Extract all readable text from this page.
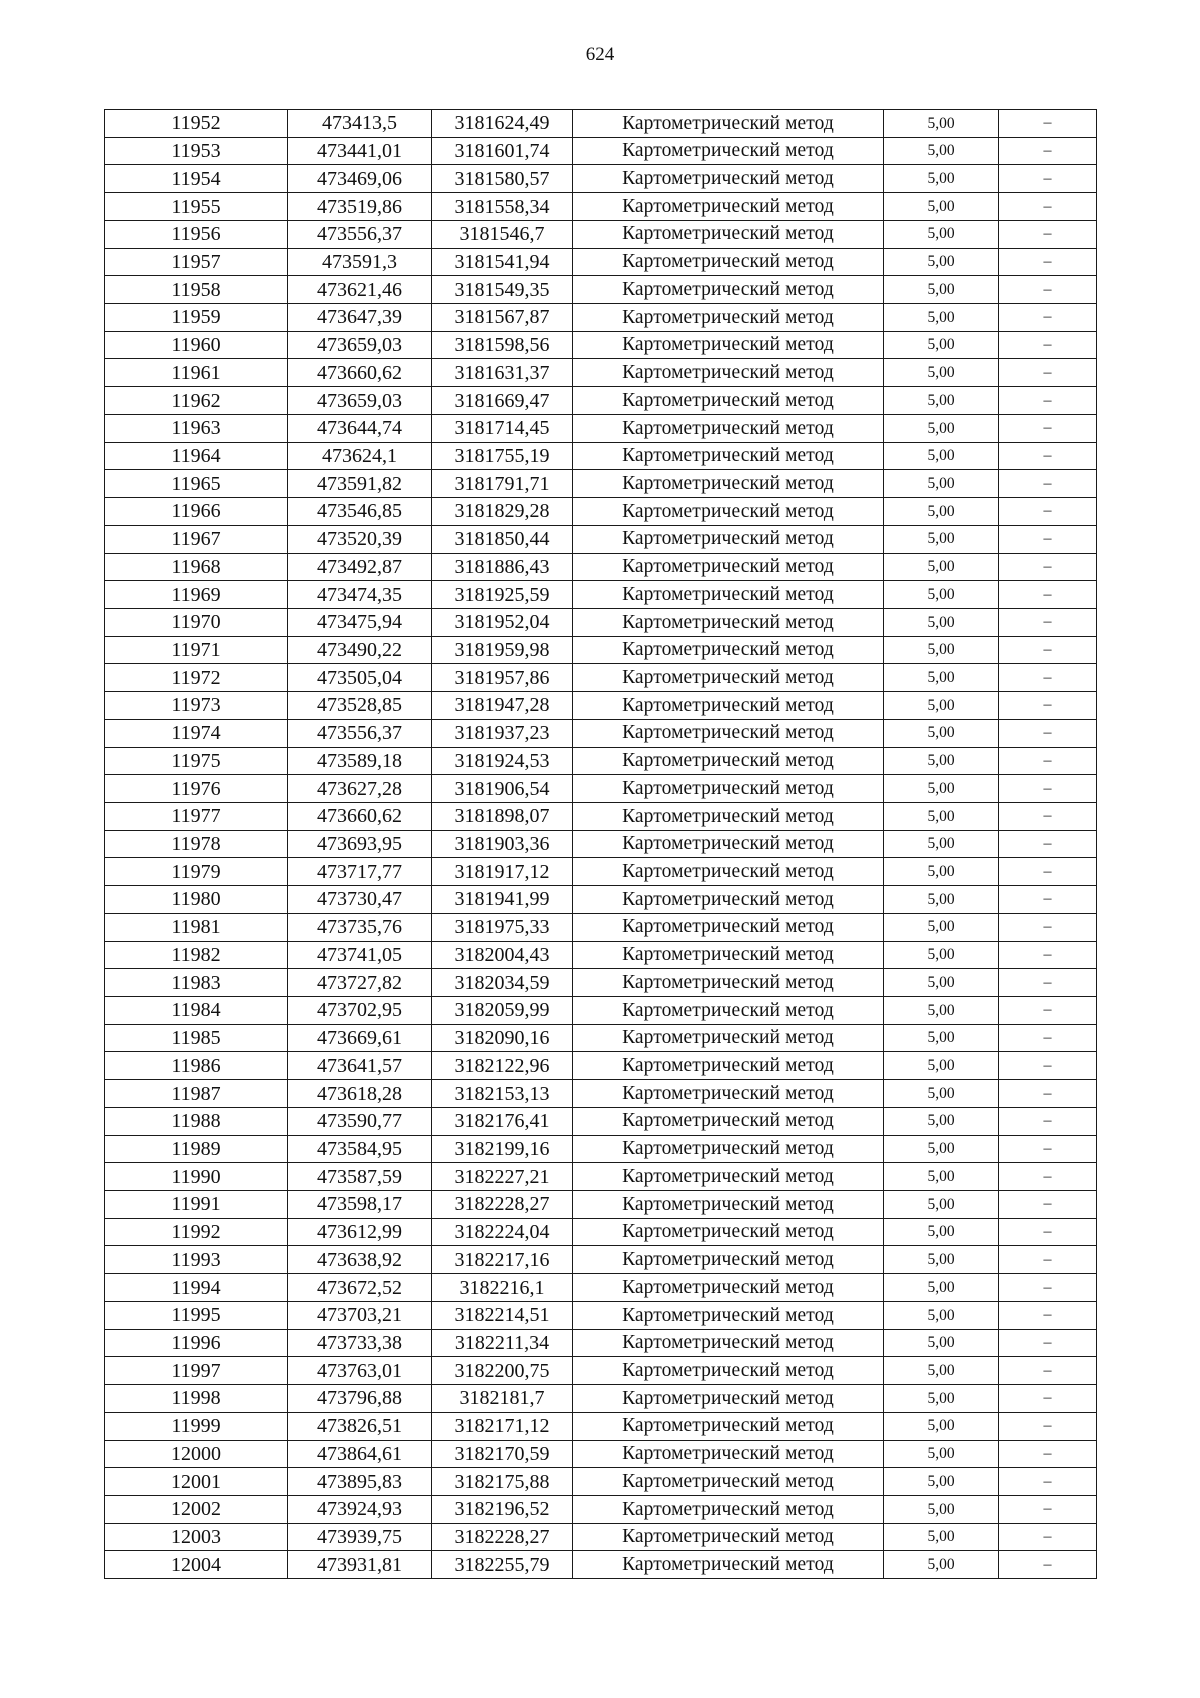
624
11952	473413,5	3181624,49	Картометрический метод	5,00	–
11953	473441,01	3181601,74	Картометрический метод	5,00	–
11954	473469,06	3181580,57	Картометрический метод	5,00	–
11955	473519,86	3181558,34	Картометрический метод	5,00	–
11956	473556,37	3181546,7	Картометрический метод	5,00	–
11957	473591,3	3181541,94	Картометрический метод	5,00	–
11958	473621,46	3181549,35	Картометрический метод	5,00	–
11959	473647,39	3181567,87	Картометрический метод	5,00	–
11960	473659,03	3181598,56	Картометрический метод	5,00	–
11961	473660,62	3181631,37	Картометрический метод	5,00	–
11962	473659,03	3181669,47	Картометрический метод	5,00	–
11963	473644,74	3181714,45	Картометрический метод	5,00	–
11964	473624,1	3181755,19	Картометрический метод	5,00	–
11965	473591,82	3181791,71	Картометрический метод	5,00	–
11966	473546,85	3181829,28	Картометрический метод	5,00	–
11967	473520,39	3181850,44	Картометрический метод	5,00	–
11968	473492,87	3181886,43	Картометрический метод	5,00	–
11969	473474,35	3181925,59	Картометрический метод	5,00	–
11970	473475,94	3181952,04	Картометрический метод	5,00	–
11971	473490,22	3181959,98	Картометрический метод	5,00	–
11972	473505,04	3181957,86	Картометрический метод	5,00	–
11973	473528,85	3181947,28	Картометрический метод	5,00	–
11974	473556,37	3181937,23	Картометрический метод	5,00	–
11975	473589,18	3181924,53	Картометрический метод	5,00	–
11976	473627,28	3181906,54	Картометрический метод	5,00	–
11977	473660,62	3181898,07	Картометрический метод	5,00	–
11978	473693,95	3181903,36	Картометрический метод	5,00	–
11979	473717,77	3181917,12	Картометрический метод	5,00	–
11980	473730,47	3181941,99	Картометрический метод	5,00	–
11981	473735,76	3181975,33	Картометрический метод	5,00	–
11982	473741,05	3182004,43	Картометрический метод	5,00	–
11983	473727,82	3182034,59	Картометрический метод	5,00	–
11984	473702,95	3182059,99	Картометрический метод	5,00	–
11985	473669,61	3182090,16	Картометрический метод	5,00	–
11986	473641,57	3182122,96	Картометрический метод	5,00	–
11987	473618,28	3182153,13	Картометрический метод	5,00	–
11988	473590,77	3182176,41	Картометрический метод	5,00	–
11989	473584,95	3182199,16	Картометрический метод	5,00	–
11990	473587,59	3182227,21	Картометрический метод	5,00	–
11991	473598,17	3182228,27	Картометрический метод	5,00	–
11992	473612,99	3182224,04	Картометрический метод	5,00	–
11993	473638,92	3182217,16	Картометрический метод	5,00	–
11994	473672,52	3182216,1	Картометрический метод	5,00	–
11995	473703,21	3182214,51	Картометрический метод	5,00	–
11996	473733,38	3182211,34	Картометрический метод	5,00	–
11997	473763,01	3182200,75	Картометрический метод	5,00	–
11998	473796,88	3182181,7	Картометрический метод	5,00	–
11999	473826,51	3182171,12	Картометрический метод	5,00	–
12000	473864,61	3182170,59	Картометрический метод	5,00	–
12001	473895,83	3182175,88	Картометрический метод	5,00	–
12002	473924,93	3182196,52	Картометрический метод	5,00	–
12003	473939,75	3182228,27	Картометрический метод	5,00	–
12004	473931,81	3182255,79	Картометрический метод	5,00	–
